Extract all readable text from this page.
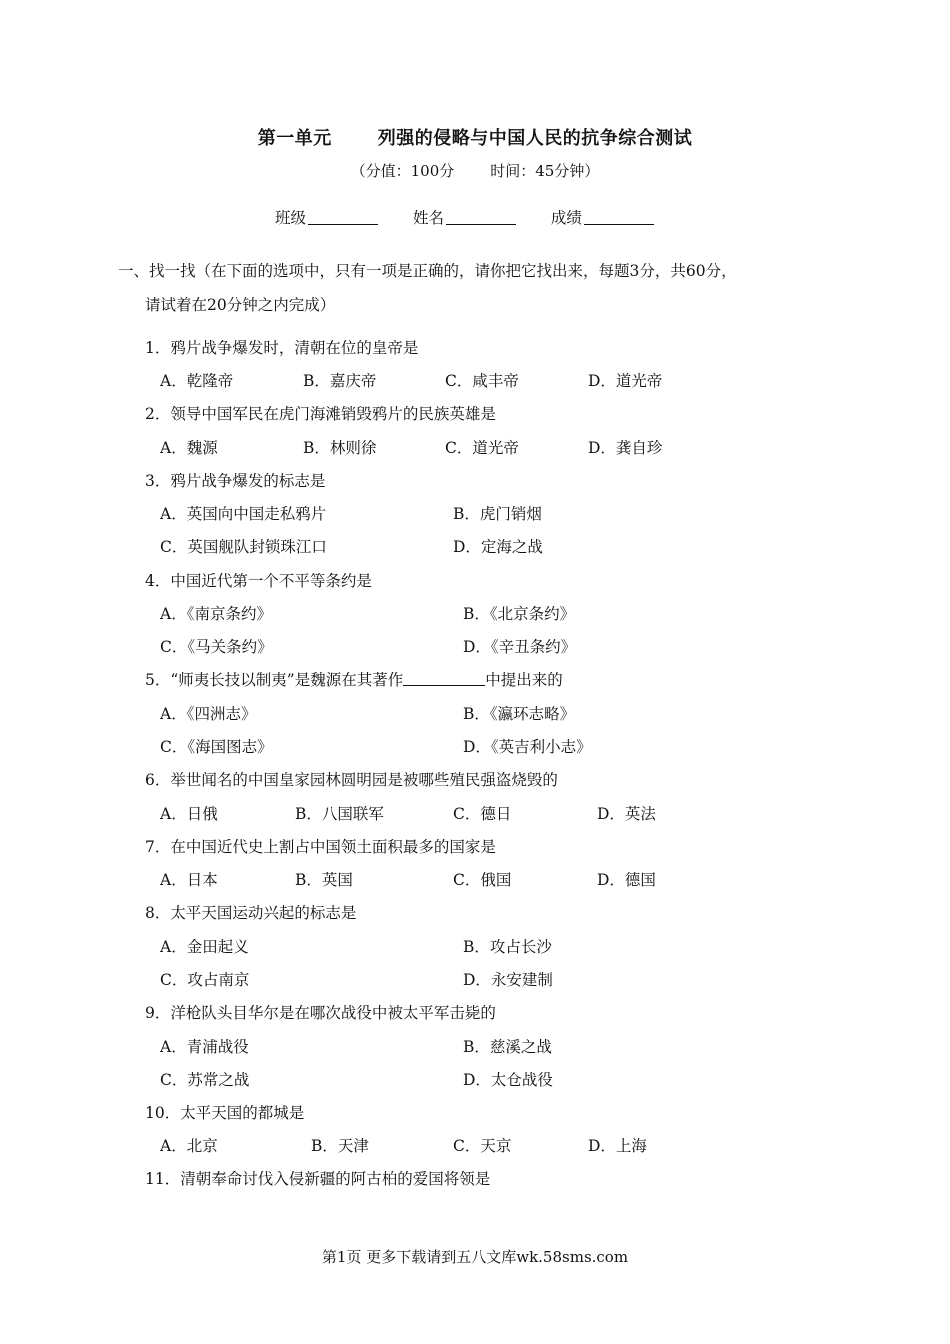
第一单元	列强的侵略与中国人民的抗争综合测试
（分值：100分 时间：45分钟）
班级	姓名	成绩
一、找一找（在下面的选项中，只有一项是正确的，请你把它找出来，每题3分，共60分，
请试着在20分钟之内完成）
1．鸦片战争爆发时，清朝在位的皇帝是
A．乾隆帝	B．嘉庆帝	C．咸丰帝	D．道光帝
2．领导中国军民在虎门海滩销毁鸦片的民族英雄是
A．魏源	B．林则徐	C．道光帝	D．龚自珍
3．鸦片战争爆发的标志是
A．英国向中国走私鸦片	B．虎门销烟
C．英国舰队封锁珠江口	D．定海之战
4．中国近代第一个不平等条约是
A．《南京条约》	B．《北京条约》
C．《马关条约》	D．《辛丑条约》
5．“师夷长技以制夷”是魏源在其著作	中提出来的
A．《四洲志》	B．《瀛环志略》
C．《海国图志》	D．《英吉利小志》
6．举世闻名的中国皇家园林圆明园是被哪些殖民强盗烧毁的
A．日俄	B．八国联军	C．德日	D．英法
7．在中国近代史上割占中国领土面积最多的国家是
A．日本	B．英国	C．俄国	D．德国
8．太平天国运动兴起的标志是
A．金田起义	B．攻占长沙
C．攻占南京	D．永安建制
9．洋枪队头目华尔是在哪次战役中被太平军击毙的
A．青浦战役	B．慈溪之战
C．苏常之战	D．太仓战役
10．太平天国的都城是
A．北京	B．天津	C．天京	D．上海
11．清朝奉命讨伐入侵新疆的阿古柏的爱国将领是
第1页 更多下载请到五八文库wk.58sms.com
